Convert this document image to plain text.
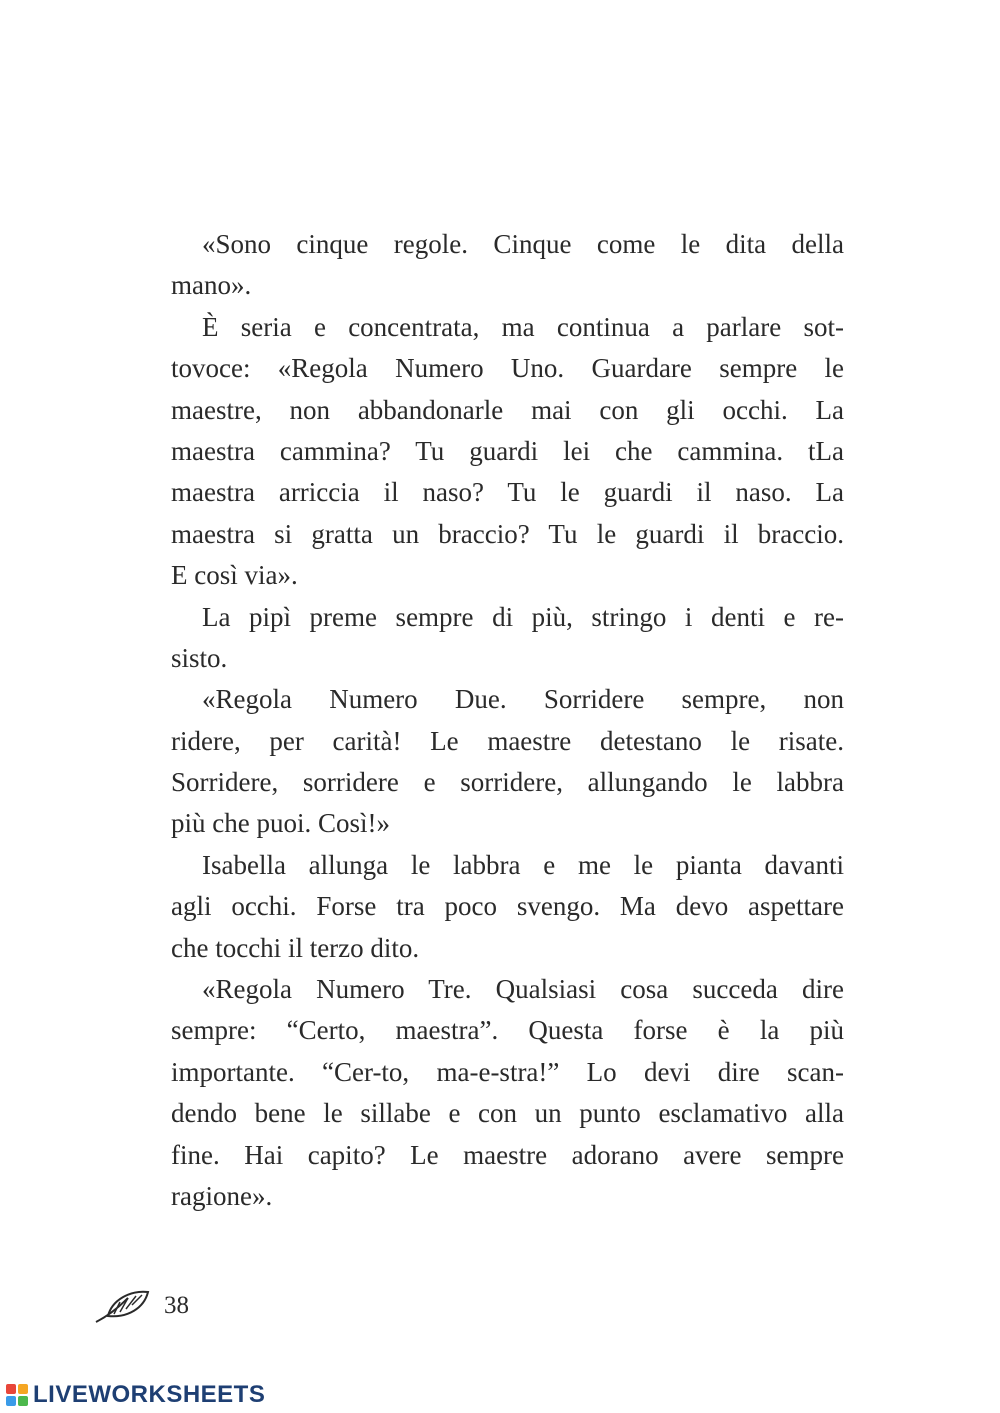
«Sono cinque regole. Cinque come le dita della
mano».
È seria e concentrata, ma continua a parlare sot-
tovoce: «Regola Numero Uno. Guardare sempre le
maestre, non abbandonarle mai con gli occhi. La
maestra cammina? Tu guardi lei che cammina. tLa
maestra arriccia il naso? Tu le guardi il naso. La
maestra si gratta un braccio? Tu le guardi il braccio.
E così via».
La pipì preme sempre di più, stringo i denti e re-
sisto.
«Regola Numero Due. Sorridere sempre, non
ridere, per carità! Le maestre detestano le risate.
Sorridere, sorridere e sorridere, allungando le labbra
più che puoi. Così!»
Isabella allunga le labbra e me le pianta davanti
agli occhi. Forse tra poco svengo. Ma devo aspettare
che tocchi il terzo dito.
«Regola Numero Tre. Qualsiasi cosa succeda dire
sempre: “Certo, maestra”. Questa forse è la più
importante. “Cer-to, ma-e-stra!” Lo devi dire scan-
dendo bene le sillabe e con un punto esclamativo alla
fine. Hai capito? Le maestre adorano avere sempre
ragione».
38
LIVEWORKSHEETS
